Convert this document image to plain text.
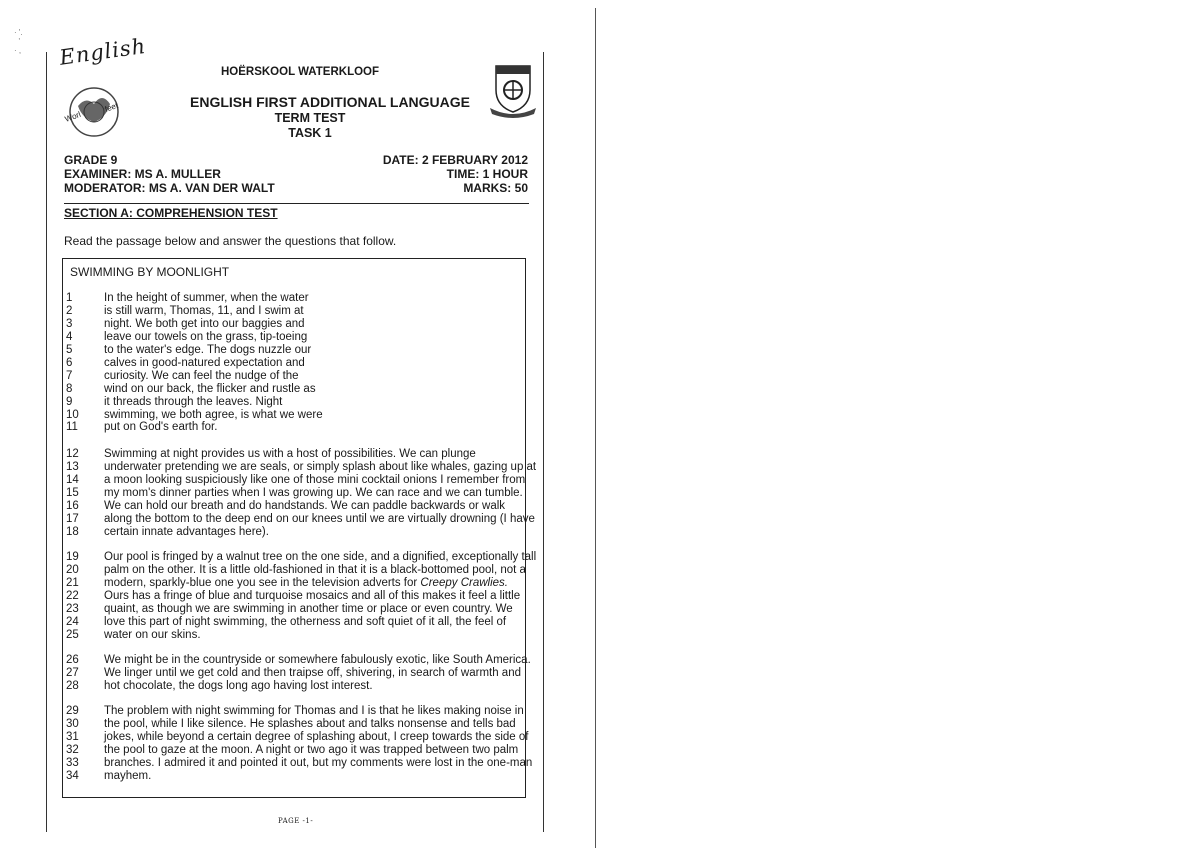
· '.
'
· , English
Worl
feet
HOËRSKOOL WATERKLOOF
ENGLISH FIRST ADDITIONAL LANGUAGE
TERM TEST
TASK 1
GRADE 9
EXAMINER: MS A. MULLER
MODERATOR: MS A. VAN DER WALT
DATE: 2 FEBRUARY 2012
TIME: 1 HOUR
MARKS: 50
SECTION A: COMPREHENSION TEST
Read the passage below and answer the questions that follow.
SWIMMING BY MOONLIGHT
1	In the height of summer, when the water
2	is still warm, Thomas, 11, and I swim at
3	night. We both get into our baggies and
4	leave our towels on the grass, tip-toeing
5	to the water's edge. The dogs nuzzle our
6	calves in good-natured expectation and
7	curiosity. We can feel the nudge of the
8	wind on our back, the flicker and rustle as
9	it threads through the leaves. Night
10 swimming, we both agree, is what we were
11 put on God's earth for.
12 Swimming at night provides us with a host of possibilities. We can plunge
13 underwater pretending we are seals, or simply splash about like whales, gazing up at
14 a moon looking suspiciously like one of those mini cocktail onions I remember from
15 my mom's dinner parties when I was growing up. We can race and we can tumble.
16 We can hold our breath and do handstands. We can paddle backwards or walk
17 along the bottom to the deep end on our knees until we are virtually drowning (I have
18 certain innate advantages here).
19 Our pool is fringed by a walnut tree on the one side, and a dignified, exceptionally tall
20 palm on the other. It is a little old-fashioned in that it is a black-bottomed pool, not a
21 modern, sparkly-blue one you see in the television adverts for Creepy Crawlies.
22 Ours has a fringe of blue and turquoise mosaics and all of this makes it feel a little
23 quaint, as though we are swimming in another time or place or even country. We
24 love this part of night swimming, the otherness and soft quiet of it all, the feel of
25 water on our skins.
26 We might be in the countryside or somewhere fabulously exotic, like South America.
27 We linger until we get cold and then traipse off, shivering, in search of warmth and
28 hot chocolate, the dogs long ago having lost interest.
29 The problem with night swimming for Thomas and I is that he likes making noise in
30 the pool, while I like silence. He splashes about and talks nonsense and tells bad
31 jokes, while beyond a certain degree of splashing about, I creep towards the side of
32 the pool to gaze at the moon. A night or two ago it was trapped between two palm
33 branches. I admired it and pointed it out, but my comments were lost in the one-man
34 mayhem.
PAGE -1-
